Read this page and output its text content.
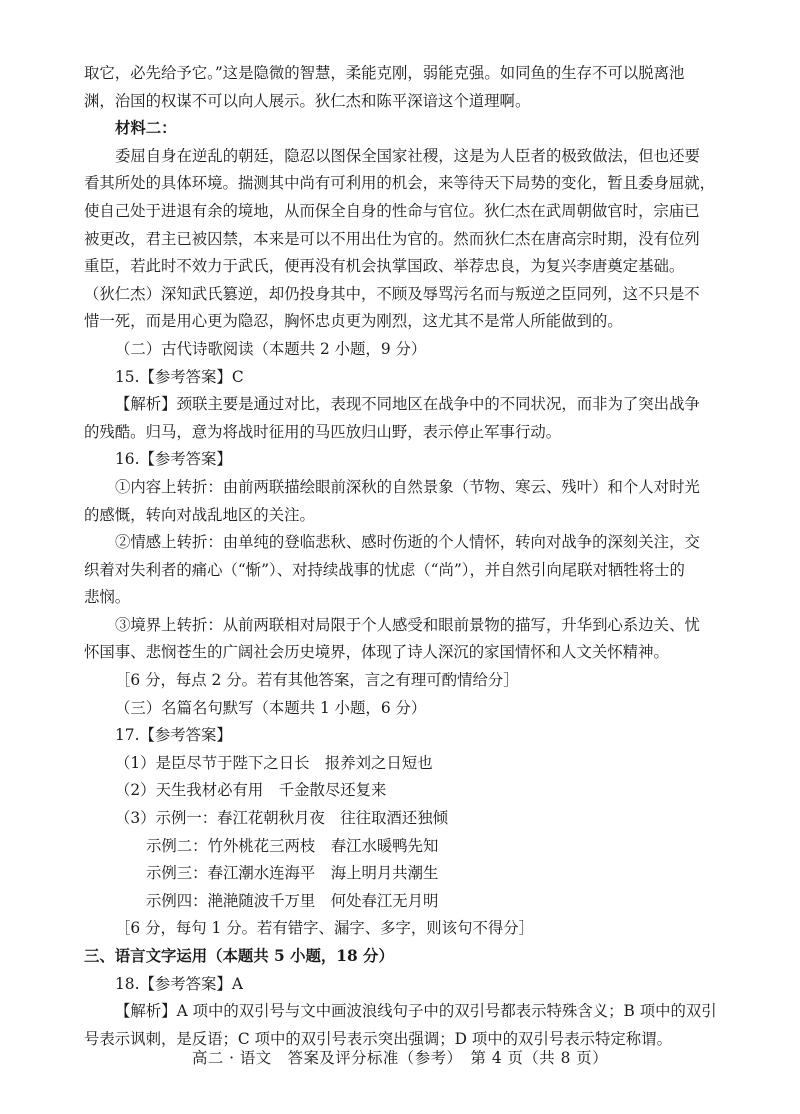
取它，必先给予它。”这是隐微的智慧，柔能克刚，弱能克强。如同鱼的生存不可以脱离池

渊，治国的权谋不可以向人展示。狄仁杰和陈平深谙这个道理啊。

材料二：

委屈自身在逆乱的朝廷，隐忍以图保全国家社稷，这是为人臣者的极致做法，但也还要

看其所处的具体环境。揣测其中尚有可利用的机会，来等待天下局势的变化，暂且委身屈就，

使自己处于进退有余的境地，从而保全自身的性命与官位。狄仁杰在武周朝做官时，宗庙已

被更改，君主已被囚禁，本来是可以不用出仕为官的。然而狄仁杰在唐高宗时期，没有位列

重臣，若此时不效力于武氏，便再没有机会执掌国政、举荐忠良，为复兴李唐奠定基础。

（狄仁杰）深知武氏篡逆，却仍投身其中，不顾及辱骂污名而与叛逆之臣同列，这不只是不

惜一死，而是用心更为隐忍，胸怀忠贞更为刚烈，这尤其不是常人所能做到的。

（二）古代诗歌阅读（本题共 2 小题，9 分）

15.【参考答案】C

【解析】颈联主要是通过对比，表现不同地区在战争中的不同状况，而非为了突出战争

的残酷。归马，意为将战时征用的马匹放归山野，表示停止军事行动。

16.【参考答案】

①内容上转折：由前两联描绘眼前深秋的自然景象（节物、寒云、残叶）和个人对时光

的感慨，转向对战乱地区的关注。

②情感上转折：由单纯的登临悲秋、感时伤逝的个人情怀，转向对战争的深刻关注，交

织着对失利者的痛心（“惭”）、对持续战事的忧虑（“尚”），并自然引向尾联对牺牲将士的

悲悯。

③境界上转折：从前两联相对局限于个人感受和眼前景物的描写，升华到心系边关、忧

怀国事、悲悯苍生的广阔社会历史境界，体现了诗人深沉的家国情怀和人文关怀精神。

［6 分，每点 2 分。若有其他答案，言之有理可酌情给分］

（三）名篇名句默写（本题共 1 小题，6 分）

17.【参考答案】

（1）是臣尽节于陛下之日长　报养刘之日短也

（2）天生我材必有用　千金散尽还复来

（3）示例一：春江花朝秋月夜　往往取酒还独倾

示例二：竹外桃花三两枝　春江水暖鸭先知

示例三：春江潮水连海平　海上明月共潮生

示例四：滟滟随波千万里　何处春江无月明

［6 分，每句 1 分。若有错字、漏字、多字，则该句不得分］

三、语言文字运用（本题共 5 小题，18 分）

18.【参考答案】A

【解析】A 项中的双引号与文中画波浪线句子中的双引号都表示特殊含义；B 项中的双引

号表示讽刺，是反语；C 项中的双引号表示突出强调；D 项中的双引号表示特定称谓。

高二 · 语文　答案及评分标准（参考）　第 4 页（共 8 页）
